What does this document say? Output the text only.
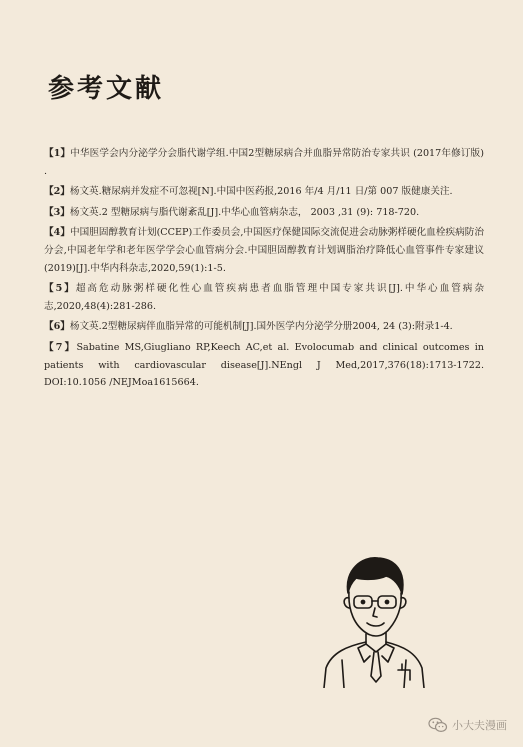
参考文献

【1】中华医学会内分泌学分会脂代谢学组.中国2型糖尿病合并血脂异常防治专家共识 (2017年修订版) .

【2】杨文英.糖尿病并发症不可忽视[N].中国中医药报,2016 年/4 月/11 日/第 007 版健康关注.

【3】杨文英.2 型糖尿病与脂代谢紊乱[J].中华心血管病杂志， 2003 ,31 (9): 718-720.

【4】中国胆固醇教育计划(CCEP)工作委员会,中国医疗保健国际交流促进会动脉粥样硬化血栓疾病防治分会,中国老年学和老年医学学会心血管病分会.中国胆固醇教育计划调脂治疗降低心血管事件专家建议(2019)[J].中华内科杂志,2020,59(1):1-5.

【5】超高危动脉粥样硬化性心血管疾病患者血脂管理中国专家共识[J].中华心血管病杂志,2020,48(4):281-286.

【6】杨文英.2型糖尿病伴血脂异常的可能机制[J].国外医学内分泌学分册2004, 24 (3):附录1-4.

【7】Sabatine MS,Giugliano RP,Keech AC,et al. Evolocumab and clinical outcomes in patients with cardiovascular disease[J].NEngl J Med,2017,376(18):1713-1722. DOI:10.1056 /NEJMoa1615664.

小大夫漫画
